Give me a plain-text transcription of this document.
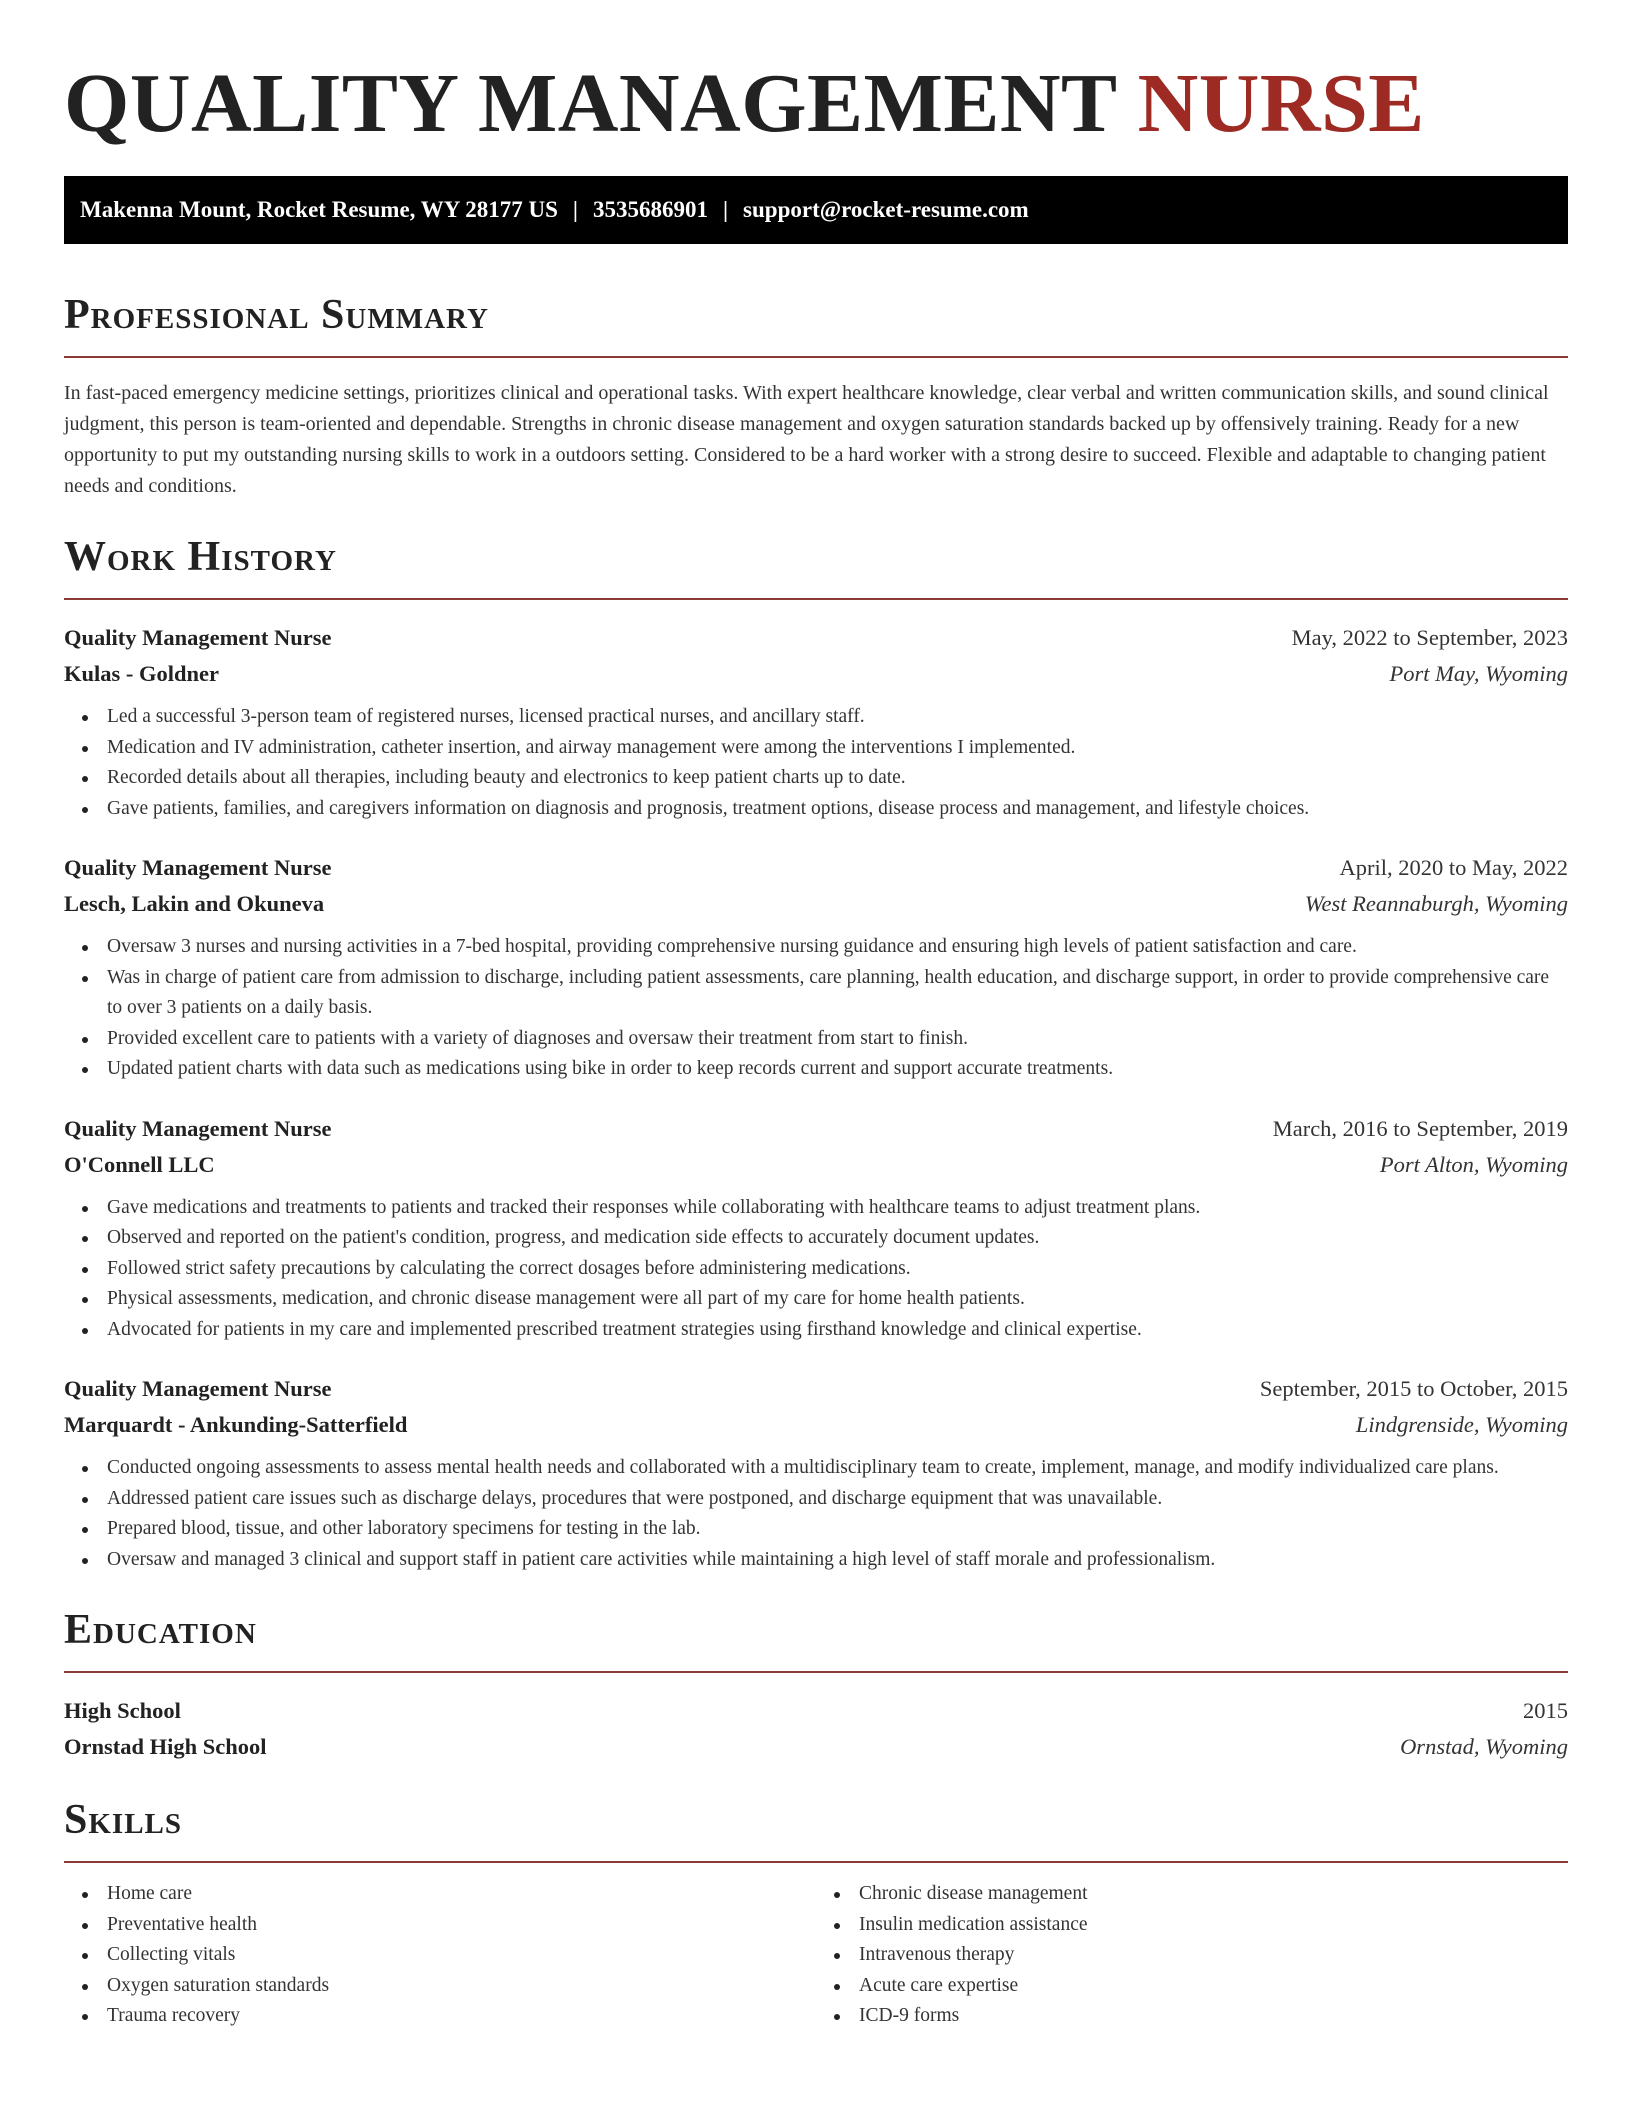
QUALITY MANAGEMENT NURSE
Makenna Mount, Rocket Resume, WY 28177 US | 3535686901 | support@rocket-resume.com
Professional Summary

In fast-paced emergency medicine settings, prioritizes clinical and operational tasks. With expert healthcare knowledge, clear verbal and written communication skills, and sound clinical judgment, this person is team-oriented and dependable. Strengths in chronic disease management and oxygen saturation standards backed up by offensively training. Ready for a new opportunity to put my outstanding nursing skills to work in a outdoors setting. Considered to be a hard worker with a strong desire to succeed. Flexible and adaptable to changing patient needs and conditions.

Work History
Quality Management Nurse	May, 2022 to September, 2023
Kulas - Goldner	Port May, Wyoming
Led a successful 3-person team of registered nurses, licensed practical nurses, and ancillary staff.
Medication and IV administration, catheter insertion, and airway management were among the interventions I implemented.
Recorded details about all therapies, including beauty and electronics to keep patient charts up to date.
Gave patients, families, and caregivers information on diagnosis and prognosis, treatment options, disease process and management, and lifestyle choices.
Quality Management Nurse	April, 2020 to May, 2022
Lesch, Lakin and Okuneva	West Reannaburgh, Wyoming
Oversaw 3 nurses and nursing activities in a 7-bed hospital, providing comprehensive nursing guidance and ensuring high levels of patient satisfaction and care.
Was in charge of patient care from admission to discharge, including patient assessments, care planning, health education, and discharge support, in order to provide comprehensive care to over 3 patients on a daily basis.
Provided excellent care to patients with a variety of diagnoses and oversaw their treatment from start to finish.
Updated patient charts with data such as medications using bike in order to keep records current and support accurate treatments.
Quality Management Nurse	March, 2016 to September, 2019
O'Connell LLC	Port Alton, Wyoming
Gave medications and treatments to patients and tracked their responses while collaborating with healthcare teams to adjust treatment plans.
Observed and reported on the patient's condition, progress, and medication side effects to accurately document updates.
Followed strict safety precautions by calculating the correct dosages before administering medications.
Physical assessments, medication, and chronic disease management were all part of my care for home health patients.
Advocated for patients in my care and implemented prescribed treatment strategies using firsthand knowledge and clinical expertise.
Quality Management Nurse	September, 2015 to October, 2015
Marquardt - Ankunding-Satterfield	Lindgrenside, Wyoming
Conducted ongoing assessments to assess mental health needs and collaborated with a multidisciplinary team to create, implement, manage, and modify individualized care plans.
Addressed patient care issues such as discharge delays, procedures that were postponed, and discharge equipment that was unavailable.
Prepared blood, tissue, and other laboratory specimens for testing in the lab.
Oversaw and managed 3 clinical and support staff in patient care activities while maintaining a high level of staff morale and professionalism.
Education
High School	2015
Ornstad High School	Ornstad, Wyoming
Skills
Home care
Preventative health
Collecting vitals
Oxygen saturation standards
Trauma recovery
Chronic disease management
Insulin medication assistance
Intravenous therapy
Acute care expertise
ICD-9 forms
